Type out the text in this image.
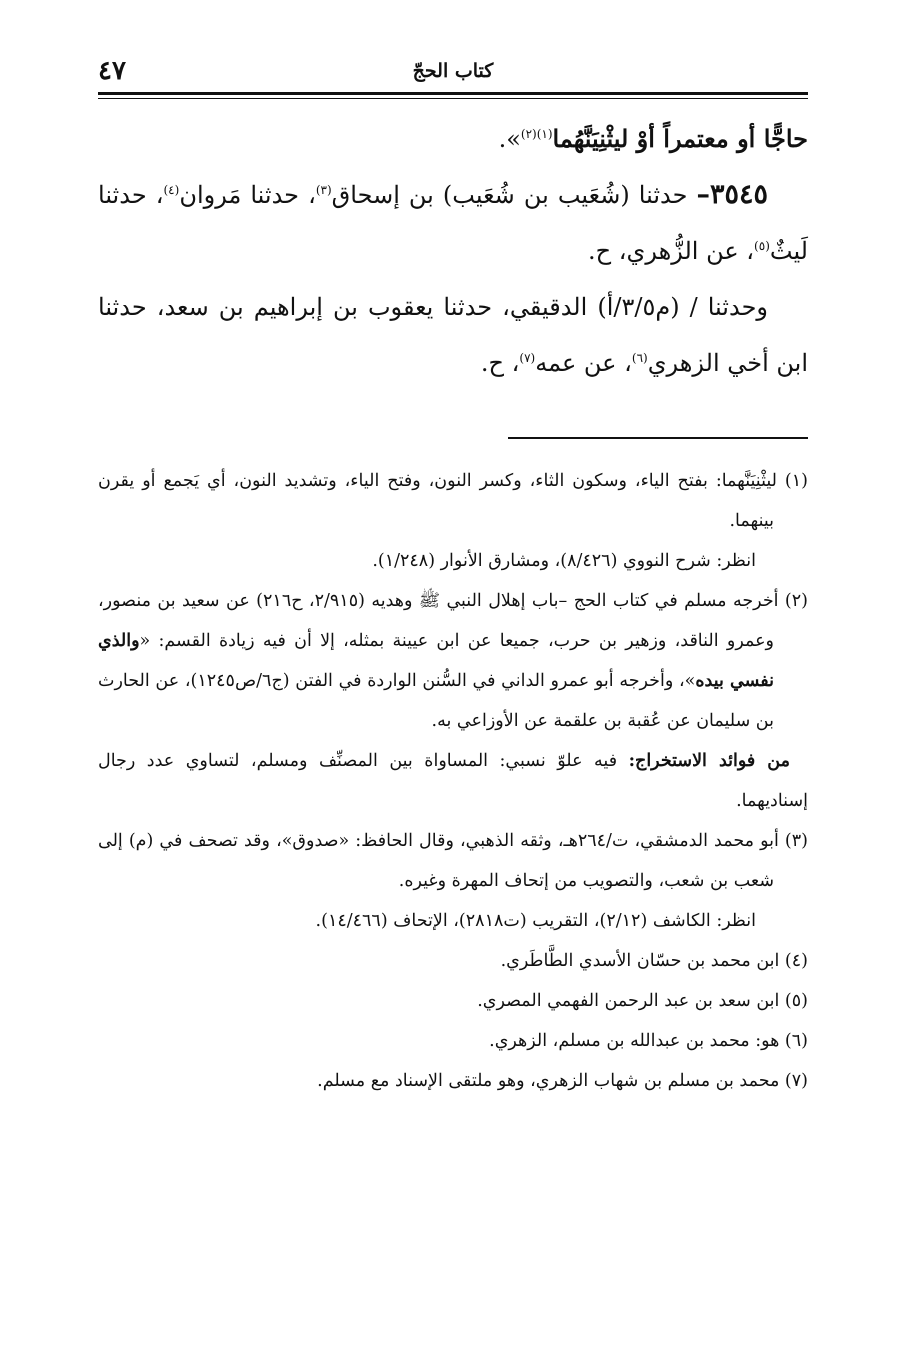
٤٧	كتاب الحجّ

حاجًّا أو معتمراً أوْ ليثْنِيَنَّهُما$^{(١)(٢)}$».

٣٥٤٥– حدثنا (شُعَيب بن شُعَيب) بن إسحاق$^{(٣)}$، حدثنا مَروان$^{(٤)}$، حدثنا لَيثٌ$^{(٥)}$، عن الزُّهري، ح.

وحدثنا / (م٣/٥/أ) الدقيقي، حدثنا يعقوب بن إبراهيم بن سعد، حدثنا ابن أخي الزهري$^{(٦)}$، عن عمه$^{(٧)}$، ح.

(١) ليثْنِيَنَّهما: بفتح الياء، وسكون الثاء، وكسر النون، وفتح الياء، وتشديد النون، أي يَجمع أو يقرن بينهما.

انظر: شرح النووي (٨/٤٢٦)، ومشارق الأنوار (١/٢٤٨).

(٢) أخرجه مسلم في كتاب الحج –باب إهلال النبي ﷺ وهديه (٢/٩١٥، ح٢١٦) عن سعيد بن منصور، وعمرو الناقد، وزهير بن حرب، جميعا عن ابن عيينة بمثله، إلا أن فيه زيادة القسم: «والذي نفسي بيده»، وأخرجه أبو عمرو الداني في السُّنن الواردة في الفتن (ج٦/ص١٢٤٥)، عن الحارث بن سليمان عن عُقبة بن علقمة عن الأوزاعي به.

من فوائد الاستخراج: فيه علوّ نسبي: المساواة بين المصنِّف ومسلم، لتساوي عدد رجال إسناديهما.

(٣) أبو محمد الدمشقي، ت/٢٦٤هـ، وثقه الذهبي، وقال الحافظ: «صدوق»، وقد تصحف في (م) إلى شعب بن شعب، والتصويب من إتحاف المهرة وغيره.

انظر: الكاشف (٢/١٢)، التقريب (ت٢٨١٨)، الإتحاف (١٤/٤٦٦).

(٤) ابن محمد بن حسّان الأسدي الطَّاطَري.

(٥) ابن سعد بن عبد الرحمن الفهمي المصري.

(٦) هو: محمد بن عبدالله بن مسلم، الزهري.

(٧) محمد بن مسلم بن شهاب الزهري، وهو ملتقى الإسناد مع مسلم.
